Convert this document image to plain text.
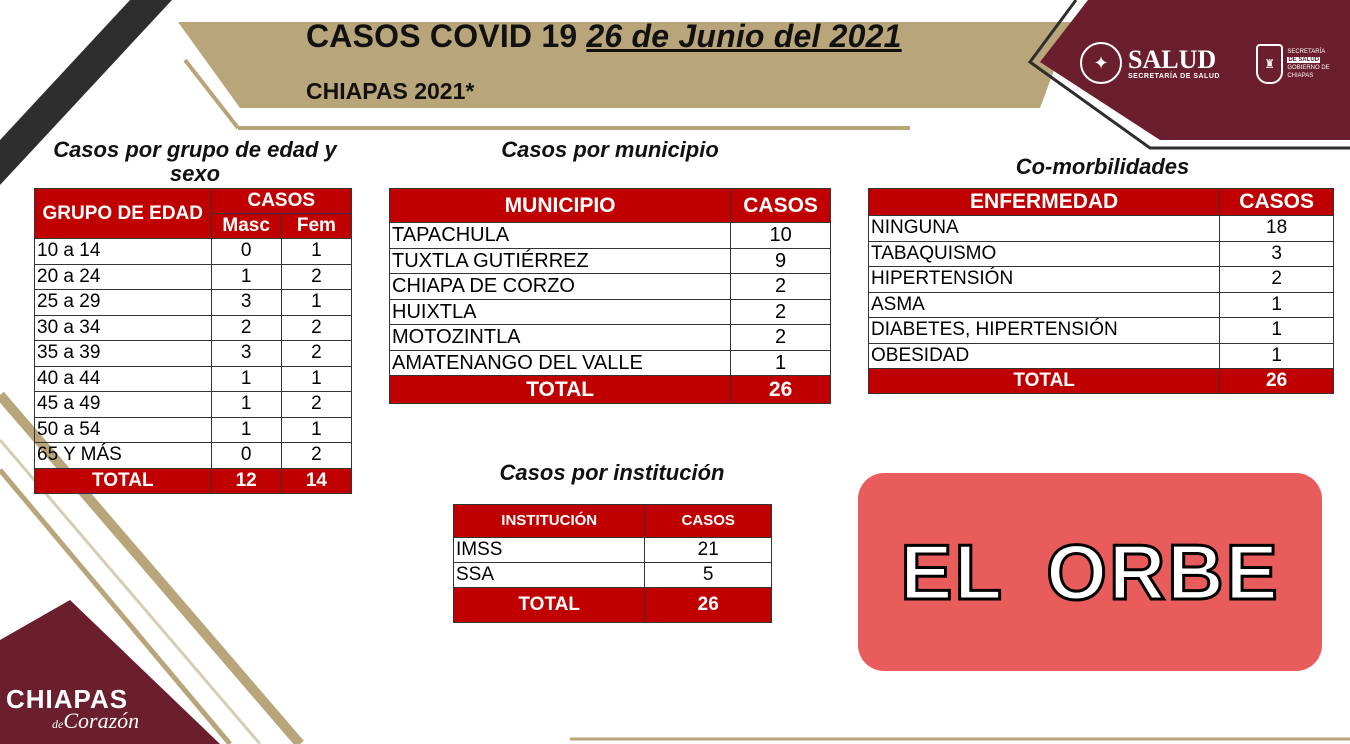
CASOS COVID 19 26 de Junio del 2021
CHIAPAS 2021*
✦ SALUD
SECRETARÍA DE SALUD
♜
SECRETARÍA
DE SALUD
GOBIERNO DE CHIAPAS
Casos por grupo de edad y sexo
GRUPO DE EDAD	CASOS	
	Masc	Fem
10 a 14	0	1
20 a 24	1	2
25 a 29	3	1
30 a 34	2	2
35 a 39	3	2
40 a 44	1	1
45 a 49	1	2
50 a 54	1	1
65 Y MÁS	0	2
TOTAL	12	14
Casos por municipio
MUNICIPIO	CASOS
TAPACHULA	10
TUXTLA GUTIÉRREZ	9
CHIAPA DE CORZO	2
HUIXTLA	2
MOTOZINTLA	2
AMATENANGO DEL VALLE	1
TOTAL	26
Co-morbilidades
ENFERMEDAD	CASOS
NINGUNA	18
TABAQUISMO	3
HIPERTENSIÓN	2
ASMA	1
DIABETES, HIPERTENSIÓN	1
OBESIDAD	1
TOTAL	26
Casos por institución
INSTITUCIÓN	CASOS
IMSS	21
SSA	5
TOTAL	26 EL ORBE
CHIAPAS
deCorazón
